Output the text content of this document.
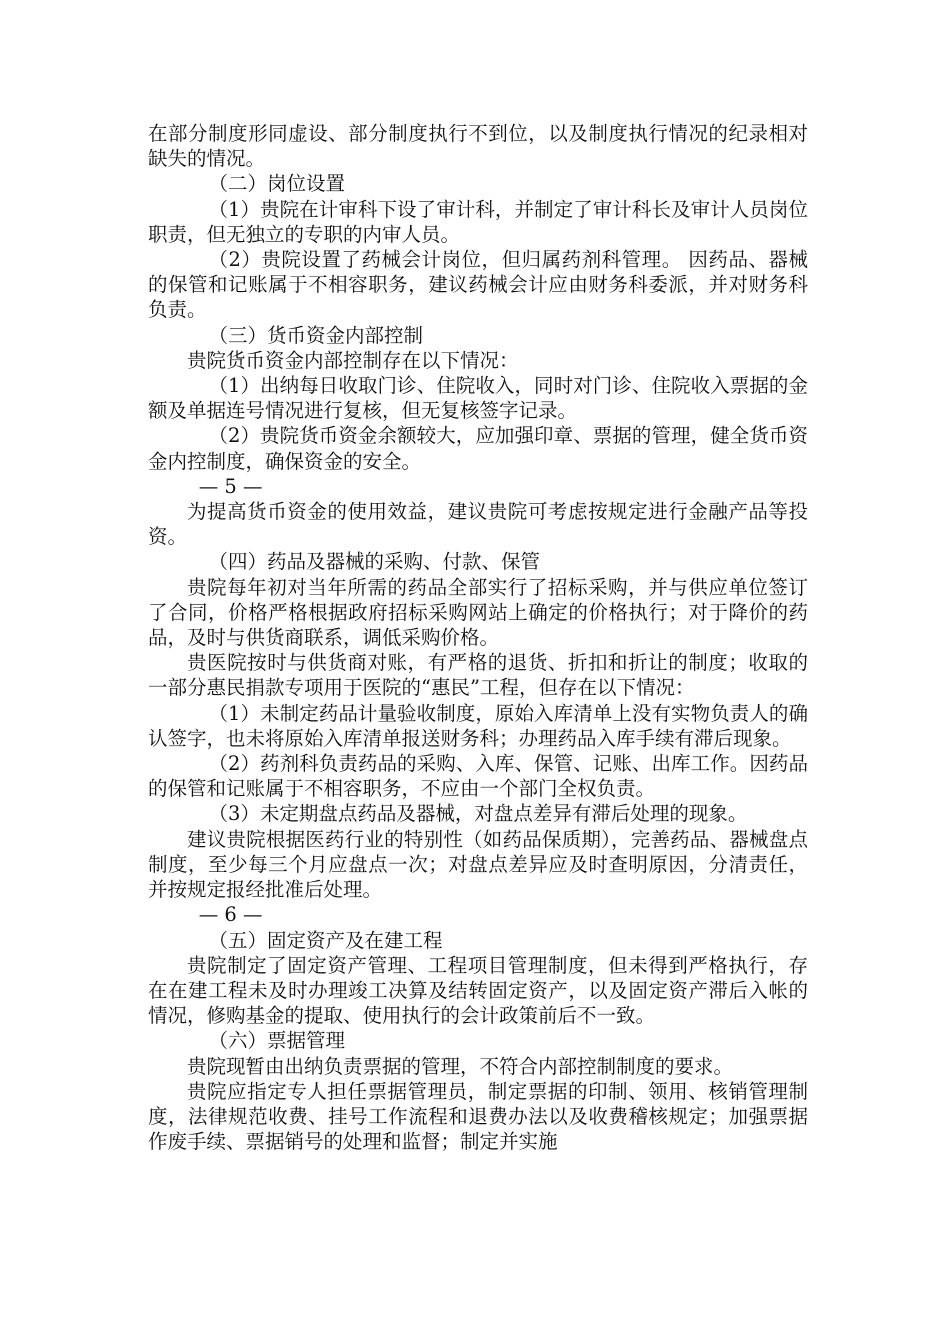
在部分制度形同虚设、部分制度执行不到位，以及制度执行情况的纪录相对缺失的情况。

（二）岗位设置

（1）贵院在计审科下设了审计科，并制定了审计科长及审计人员岗位职责，但无独立的专职的内审人员。

（2）贵院设置了药械会计岗位，但归属药剂科管理。 因药品、器械的保管和记账属于不相容职务，建议药械会计应由财务科委派，并对财务科负责。

（三）货币资金内部控制

贵院货币资金内部控制存在以下情况：

（1）出纳每日收取门诊、住院收入，同时对门诊、住院收入票据的金额及单据连号情况进行复核，但无复核签字记录。

（2）贵院货币资金余额较大，应加强印章、票据的管理，健全货币资金内控制度，确保资金的安全。

— 5 —

为提高货币资金的使用效益，建议贵院可考虑按规定进行金融产品等投资。

（四）药品及器械的采购、付款、保管

贵院每年初对当年所需的药品全部实行了招标采购，并与供应单位签订了合同，价格严格根据政府招标采购网站上确定的价格执行；对于降价的药品，及时与供货商联系，调低采购价格。

贵医院按时与供货商对账，有严格的退货、折扣和折让的制度；收取的一部分惠民捐款专项用于医院的“惠民”工程，但存在以下情况：

（1）未制定药品计量验收制度，原始入库清单上没有实物负责人的确认签字，也未将原始入库清单报送财务科；办理药品入库手续有滞后现象。

（2）药剂科负责药品的采购、入库、保管、记账、出库工作。因药品的保管和记账属于不相容职务，不应由一个部门全权负责。

（3）未定期盘点药品及器械，对盘点差异有滞后处理的现象。

建议贵院根据医药行业的特别性（如药品保质期），完善药品、器械盘点制度，至少每三个月应盘点一次；对盘点差异应及时查明原因，分清责任，并按规定报经批准后处理。

— 6 —

（五）固定资产及在建工程

贵院制定了固定资产管理、工程项目管理制度，但未得到严格执行，存在在建工程未及时办理竣工决算及结转固定资产，以及固定资产滞后入帐的情况，修购基金的提取、使用执行的会计政策前后不一致。

（六）票据管理

贵院现暂由出纳负责票据的管理，不符合内部控制制度的要求。

贵院应指定专人担任票据管理员，制定票据的印制、领用、核销管理制度，法律规范收费、挂号工作流程和退费办法以及收费稽核规定；加强票据作废手续、票据销号的处理和监督；制定并实施
